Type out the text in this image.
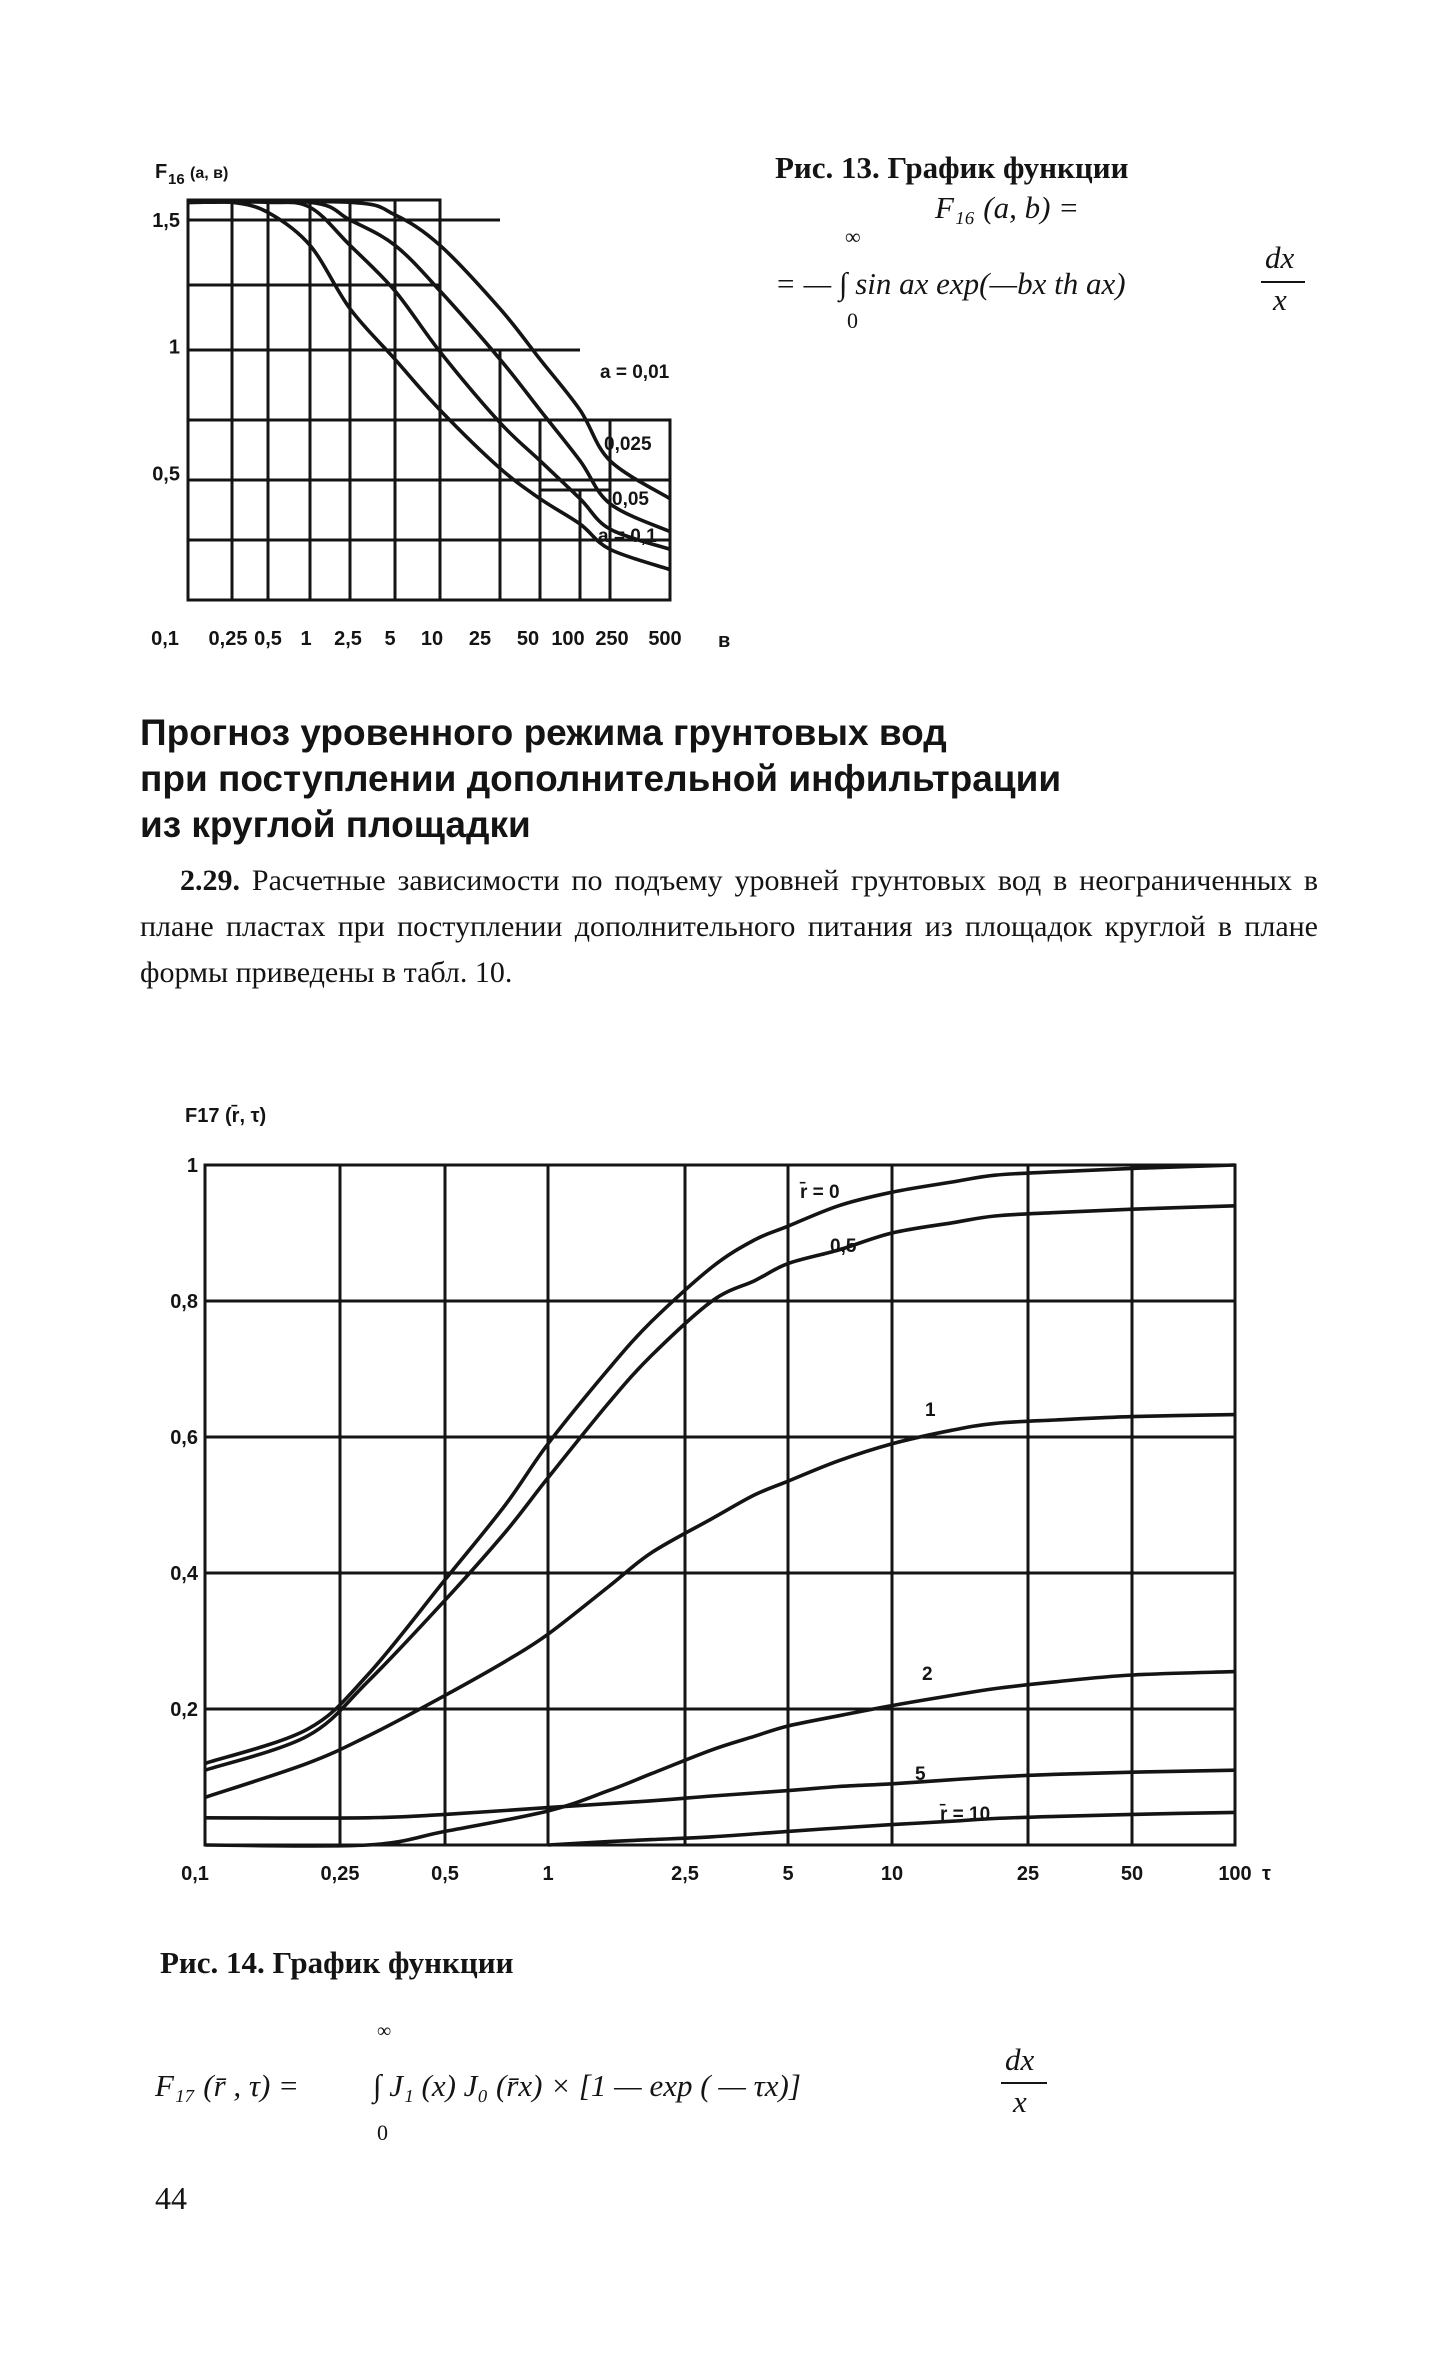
F 16 (a, в)
1,5
1
0,5
0,1 0,25 0,5 1 2,5 5 10 25 50 100 250 500 в
a = 0,01
0,025
0,05
a = 0,1

Рис. 13. График функции

F₁₆ (a, b) =
∞
= — ∫ sin ax exp(—bx th ax)
0
dx
x
Прогноз уровенного режима грунтовых вод
при поступлении дополнительной инфильтрации
из круглой площадки

2.29. Расчетные зависимости по подъему уровней грунтовых вод в неограниченных в плане пластах при поступлении дополнительного питания из площадок круглой в плане формы приведены в табл. 10.

F17 (r̄, τ)
1
0,8
0,6
0,4
0,2
0,1	0,25	0,5	1	2,5	5	10	25	50	100 τ
r̄ = 0
0,5
1
2
5
r̄ = 10

Рис. 14. График функции

F₁₇ (r̄ , τ) =
∞
∫ J₁ (x) J₀ (r̄x) × [1 — exp ( — τx)]
0
dx
x
44
